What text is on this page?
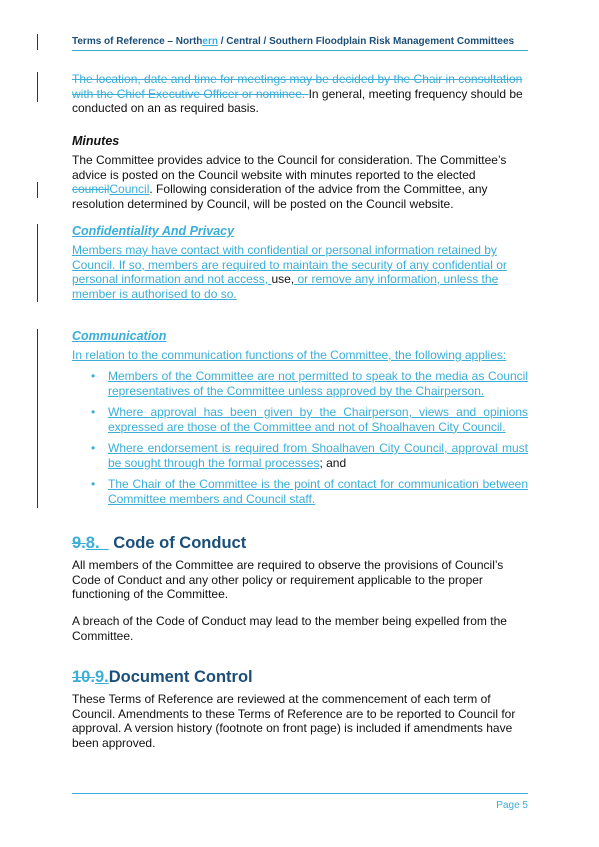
Terms of Reference – Northern / Central / Southern Floodplain Risk Management Committees
The location, date and time for meetings may be decided by the Chair in consultation with the Chief Executive Officer or nominee. In general, meeting frequency should be conducted on an as required basis.
Minutes
The Committee provides advice to the Council for consideration. The Committee’s advice is posted on the Council website with minutes reported to the elected councilCouncil. Following consideration of the advice from the Committee, any resolution determined by Council, will be posted on the Council website.
Confidentiality And Privacy
Members may have contact with confidential or personal information retained by Council. If so, members are required to maintain the security of any confidential or personal information and not access, use, or remove any information, unless the member is authorised to do so.
Communication
In relation to the communication functions of the Committee, the following applies:
• Members of the Committee are not permitted to speak to the media as Council representatives of the Committee unless approved by the Chairperson.
• Where approval has been given by the Chairperson, views and opinions expressed are those of the Committee and not of Shoalhaven City Council.
• Where endorsement is required from Shoalhaven City Council, approval must be sought through the formal processes; and
• The Chair of the Committee is the point of contact for communication between Committee members and Council staff.
9.8. Code of Conduct
All members of the Committee are required to observe the provisions of Council’s Code of Conduct and any other policy or requirement applicable to the proper functioning of the Committee.
A breach of the Code of Conduct may lead to the member being expelled from the Committee.
10.9.Document Control
These Terms of Reference are reviewed at the commencement of each term of Council. Amendments to these Terms of Reference are to be reported to Council for approval. A version history (footnote on front page) is included if amendments have been approved.
Page 5
